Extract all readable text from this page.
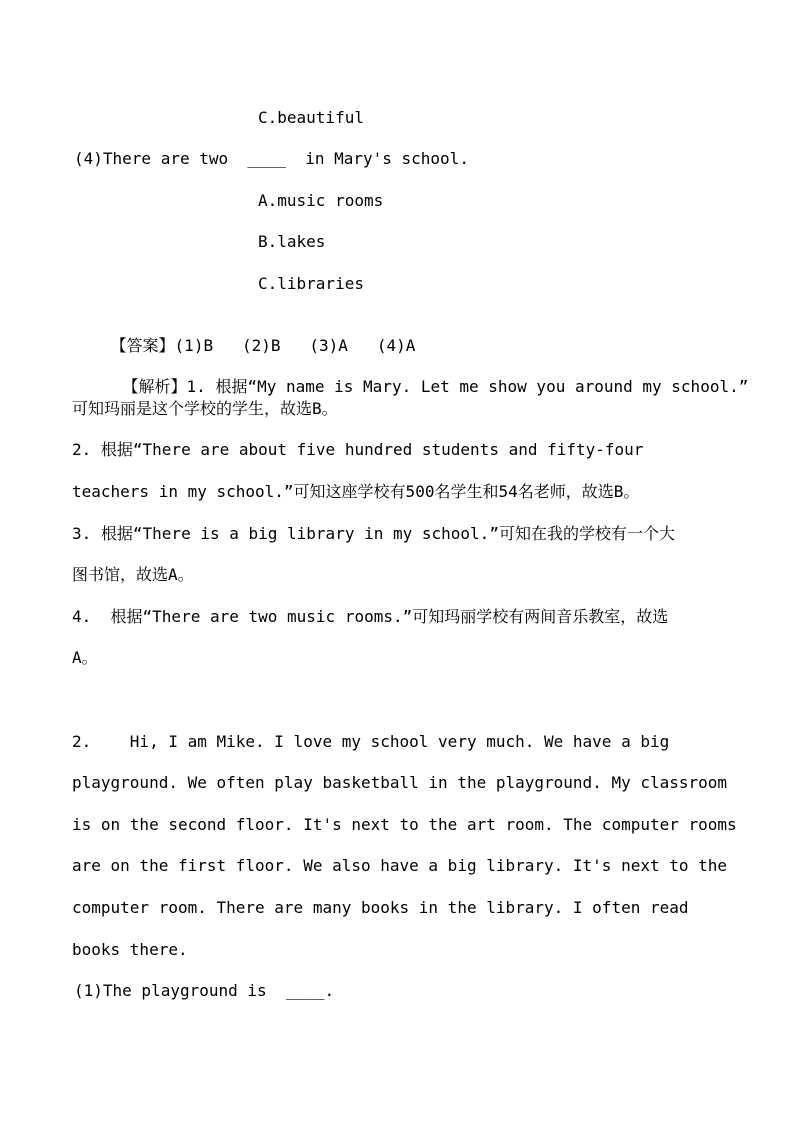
C.beautiful
(4)There are two  ____  in Mary's school.
A.music rooms
B.lakes
C.libraries

【答案】(1)B   (2)B   (3)A   (4)A

【解析】1. 根据“My name is Mary. Let me show you around my school.”

可知玛丽是这个学校的学生，故选B。
2. 根据“There are about five hundred students and fifty-four
teachers in my school.”可知这座学校有500名学生和54名老师，故选B。
3. 根据“There is a big library in my school.”可知在我的学校有一个大
图书馆，故选A。
4.  根据“There are two music rooms.”可知玛丽学校有两间音乐教室，故选
A。
2.    Hi, I am Mike. I love my school very much. We have a big
playground. We often play basketball in the playground. My classroom
is on the second floor. It's next to the art room. The computer rooms
are on the first floor. We also have a big library. It's next to the
computer room. There are many books in the library. I often read
books there.
(1)The playground is  ____.
